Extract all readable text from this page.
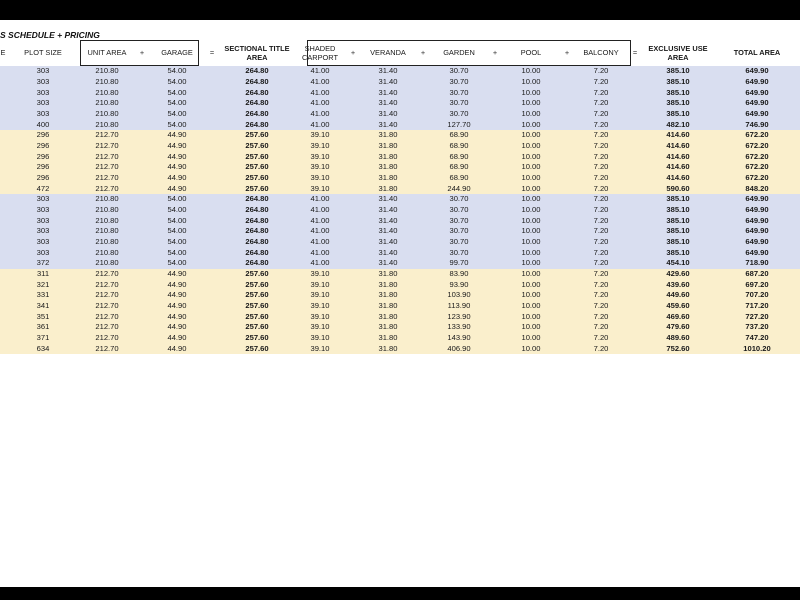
S SCHEDULE + PRICING
E	PLOT SIZE	UNIT AREA	+	GARAGE	=	SECTIONAL TITLE AREA	SHADED CARPORT	+	VERANDA	+	GARDEN	+	POOL	+	BALCONY	=	EXCLUSIVE USE AREA	TOTAL AREA
	303	210.80		54.00		264.80	41.00		31.40		30.70		10.00		7.20		385.10	649.90
	303	210.80		54.00		264.80	41.00		31.40		30.70		10.00		7.20		385.10	649.90
	303	210.80		54.00		264.80	41.00		31.40		30.70		10.00		7.20		385.10	649.90
	303	210.80		54.00		264.80	41.00		31.40		30.70		10.00		7.20		385.10	649.90
	303	210.80		54.00		264.80	41.00		31.40		30.70		10.00		7.20		385.10	649.90
	400	210.80		54.00		264.80	41.00		31.40		127.70		10.00		7.20		482.10	746.90
	296	212.70		44.90		257.60	39.10		31.80		68.90		10.00		7.20		414.60	672.20
	296	212.70		44.90		257.60	39.10		31.80		68.90		10.00		7.20		414.60	672.20
	296	212.70		44.90		257.60	39.10		31.80		68.90		10.00		7.20		414.60	672.20
	296	212.70		44.90		257.60	39.10		31.80		68.90		10.00		7.20		414.60	672.20
	296	212.70		44.90		257.60	39.10		31.80		68.90		10.00		7.20		414.60	672.20
	472	212.70		44.90		257.60	39.10		31.80		244.90		10.00		7.20		590.60	848.20
	303	210.80		54.00		264.80	41.00		31.40		30.70		10.00		7.20		385.10	649.90
	303	210.80		54.00		264.80	41.00		31.40		30.70		10.00		7.20		385.10	649.90
	303	210.80		54.00		264.80	41.00		31.40		30.70		10.00		7.20		385.10	649.90
	303	210.80		54.00		264.80	41.00		31.40		30.70		10.00		7.20		385.10	649.90
	303	210.80		54.00		264.80	41.00		31.40		30.70		10.00		7.20		385.10	649.90
	303	210.80		54.00		264.80	41.00		31.40		30.70		10.00		7.20		385.10	649.90
	372	210.80		54.00		264.80	41.00		31.40		99.70		10.00		7.20		454.10	718.90
	311	212.70		44.90		257.60	39.10		31.80		83.90		10.00		7.20		429.60	687.20
	321	212.70		44.90		257.60	39.10		31.80		93.90		10.00		7.20		439.60	697.20
	331	212.70		44.90		257.60	39.10		31.80		103.90		10.00		7.20		449.60	707.20
	341	212.70		44.90		257.60	39.10		31.80		113.90		10.00		7.20		459.60	717.20
	351	212.70		44.90		257.60	39.10		31.80		123.90		10.00		7.20		469.60	727.20
	361	212.70		44.90		257.60	39.10		31.80		133.90		10.00		7.20		479.60	737.20
	371	212.70		44.90		257.60	39.10		31.80		143.90		10.00		7.20		489.60	747.20
	634	212.70		44.90		257.60	39.10		31.80		406.90		10.00		7.20		752.60	1010.20
